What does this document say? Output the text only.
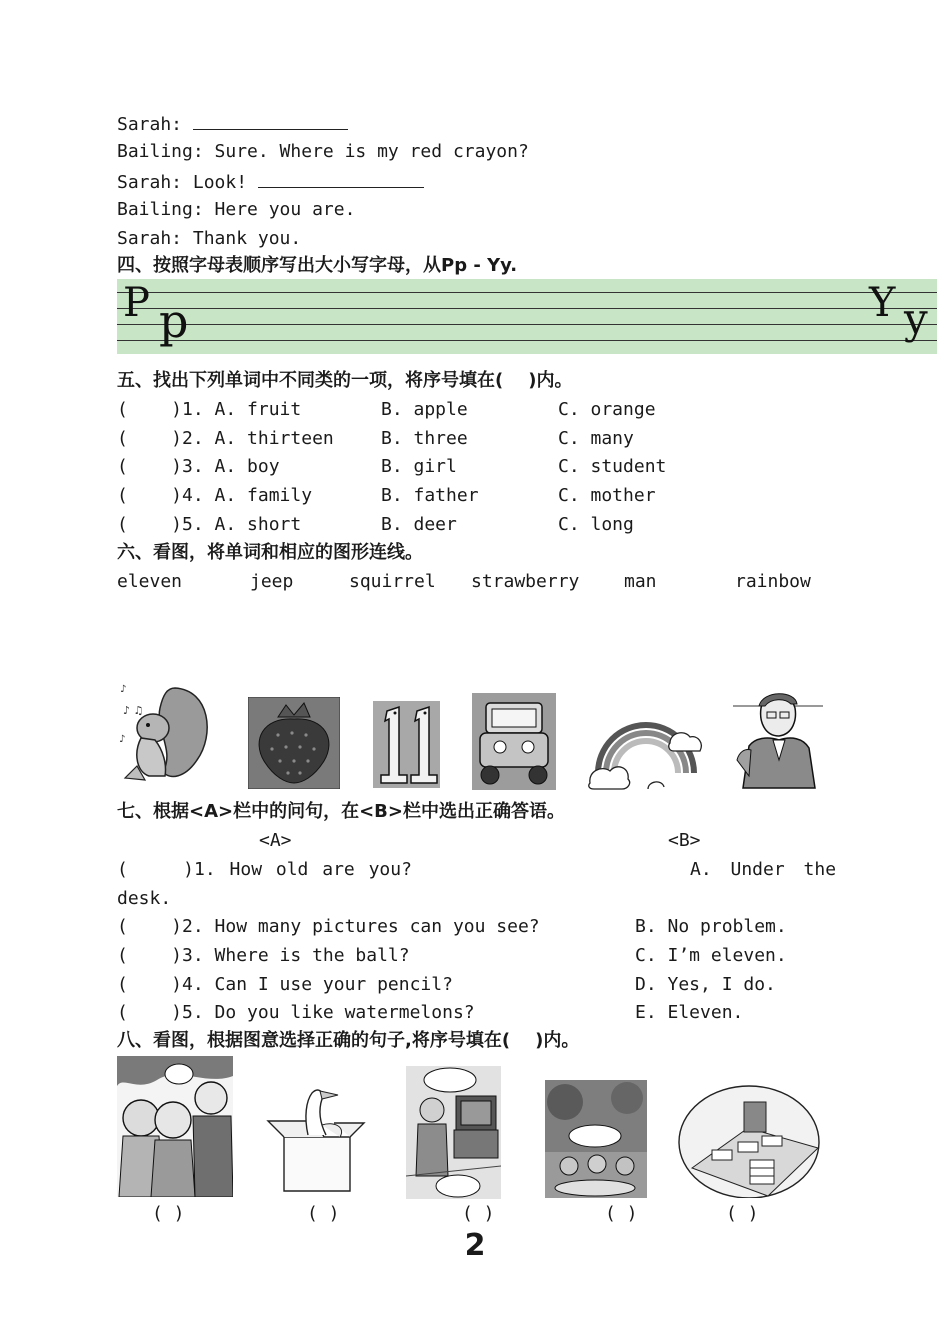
Sarah:
Bailing: Sure. Where is my red crayon?
Sarah: Look!
Bailing: Here you are.
Sarah: Thank you.
四、按照字母表顺序写出大小写字母，从Pp - Yy.
P p	Y y
五、找出下列单词中不同类的一项，将序号填在(    )内。
(    )1. A. fruit	B. apple	C. orange
(    )2. A. thirteen	B. three	C. many
(    )3. A. boy	B. girl	C. student
(    )4. A. family	B. father	C. mother
(    )5. A. short	B. deer	C. long
六、看图，将单词和相应的图形连线。
eleven	jeep	squirrel strawberry man	rainbow
♪
♪ ♫
♪
七、根据<A>栏中的问句，在<B>栏中选出正确答语。
<A>	<B>
(    )1. How old are you?	A. Under the
desk.
(    )2. How many pictures can you see?	B. No problem.
(    )3. Where is the ball?	C. I’m eleven.
(    )4. Can I use your pencil?	D. Yes, I do.
(    )5. Do you like watermelons?	E. Eleven.
八、看图，根据图意选择正确的句子,将序号填在(    )内。
( )	( )	( )	( )	( )
2
